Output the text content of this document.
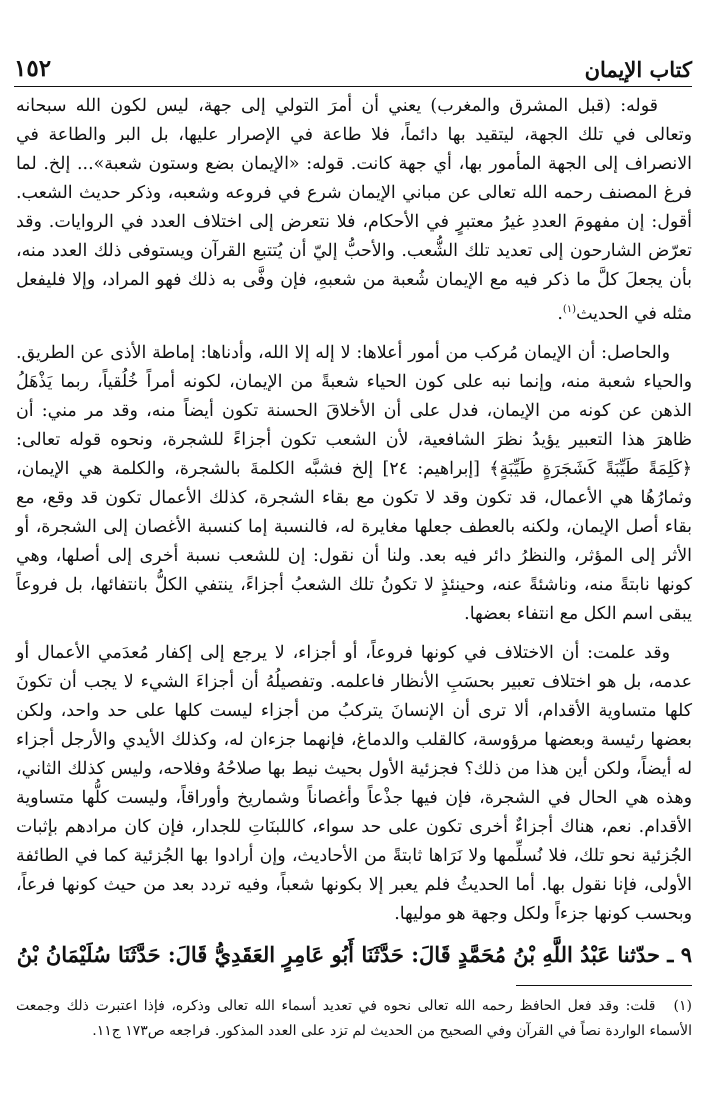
١٥٢	كتاب الإيمان

قوله: (قبل المشرق والمغرب) يعني أن أمرَ التولي إلى جهة، ليس لكون الله سبحانه وتعالى في تلك الجهة، ليتقيد بها دائماً، فلا طاعة في الإصرار عليها، بل البر والطاعة في الانصراف إلى الجهة المأمور بها، أي جهة كانت. قوله: «الإيمان بضع وستون شعبة»... إلخ. لما فرغ المصنف رحمه الله تعالى عن مباني الإيمان شرع في فروعه وشعبه، وذكر حديث الشعب. أقول: إن مفهومَ العددِ غيرُ معتبرٍ في الأحكام، فلا نتعرض إلى اختلاف العدد في الروايات. وقد تعرّض الشارحون إلى تعديد تلك الشُّعب. والأحبُّ إليّ أن يُتتبع القرآن ويستوفى ذلك العدد منه، بأن يجعلَ كلَّ ما ذكر فيه مع الإيمان شُعبة من شعبهِ، فإن وفَّى به ذلك فهو المراد، وإلا فليفعل مثله في الحديث$^{(١)}$.

والحاصل: أن الإيمان مُركب من أمور أعلاها: لا إله إلا الله، وأدناها: إماطة الأذى عن الطريق. والحياء شعبة منه، وإنما نبه على كون الحياء شعبةً من الإيمان، لكونه أمراً خُلُقياً، ربما يَذْهَلُ الذهن عن كونه من الإيمان، فدل على أن الأخلاقَ الحسنة تكون أيضاً منه، وقد مر مني: أن ظاهرَ هذا التعبير يؤيدُ نظرَ الشافعية، لأن الشعب تكون أجزاءً للشجرة، ونحوه قوله تعالى: ﴿كَلِمَةً طَيِّبَةً كَشَجَرَةٍ طَيِّبَةٍ﴾ [إبراهيم: ٢٤] إلخ فشبَّه الكلمةَ بالشجرة، والكلمة هي الإيمان، وثمارُهُا هي الأعمال، قد تكون وقد لا تكون مع بقاء الشجرة، كذلك الأعمال تكون قد وقع، مع بقاء أصل الإيمان، ولكنه بالعطف جعلها مغايرة له، فالنسبة إما كنسبة الأغصان إلى الشجرة، أو الأثر إلى المؤثر، والنظرُ دائر فيه بعد. ولنا أن نقول: إن للشعب نسبة أخرى إلى أصلها، وهي كونها نابتةً منه، وناشئةً عنه، وحينئذٍ لا تكونُ تلك الشعبُ أجزاءً، ينتفي الكلُّ بانتفائها، بل فروعاً يبقى اسم الكل مع انتفاء بعضها.

وقد علمت: أن الاختلاف في كونها فروعاً، أو أجزاء، لا يرجع إلى إكفار مُعدَمي الأعمال أو عدمه، بل هو اختلاف تعبير بحسَبِ الأنظار فاعلمه. وتفصيلُهُ أن أجزاءَ الشيء لا يجب أن تكونَ كلها متساوية الأقدام، ألا ترى أن الإنسانَ يتركبُ من أجزاء ليست كلها على حد واحد، ولكن بعضها رئيسة وبعضها مرؤوسة، كالقلب والدماغ، فإنهما جزءان له، وكذلك الأيدي والأرجل أجزاء له أيضاً، ولكن أين هذا من ذلك؟ فجزئية الأول بحيث نيط بها صلاحُهُ وفلاحه، وليس كذلك الثاني، وهذه هي الحال في الشجرة، فإن فيها جذْعاً وأغصاناً وشماريخ وأوراقاً، وليست كلُّها متساوية الأقدام. نعم، هناك أجزاءٌ أخرى تكون على حد سواء، كاللبنَاتِ للجدار، فإن كان مرادهم بإثبات الجُزئية نحو تلك، فلا نُسلِّمها ولا نَرَاها ثابتةً من الأحاديث، وإن أرادوا بها الجُزئية كما في الطائفة الأولى، فإنا نقول بها. أما الحديثُ فلم يعبر إلا بكونها شعباً، وفيه تردد بعد من حيث كونها فرعاً، وبحسب كونها جزءاً ولكل وجهة هو موليها.

٩ ـ حدّثنا عَبْدُ اللَّهِ بْنُ مُحَمَّدٍ قَالَ: حَدَّثَنَا أَبُو عَامِرٍ العَقَدِيُّ قَالَ: حَدَّثَنَا سُلَيْمَانُ بْنُ

(١) قلت: وقد فعل الحافظ رحمه الله تعالى نحوه في تعديد أسماء الله تعالى وذكره، فإذا اعتبرت ذلك وجمعت الأسماء الواردة نصاً في القرآن وفي الصحيح من الحديث لم تزد على العدد المذكور. فراجعه ص١٧٣ ج١١.
